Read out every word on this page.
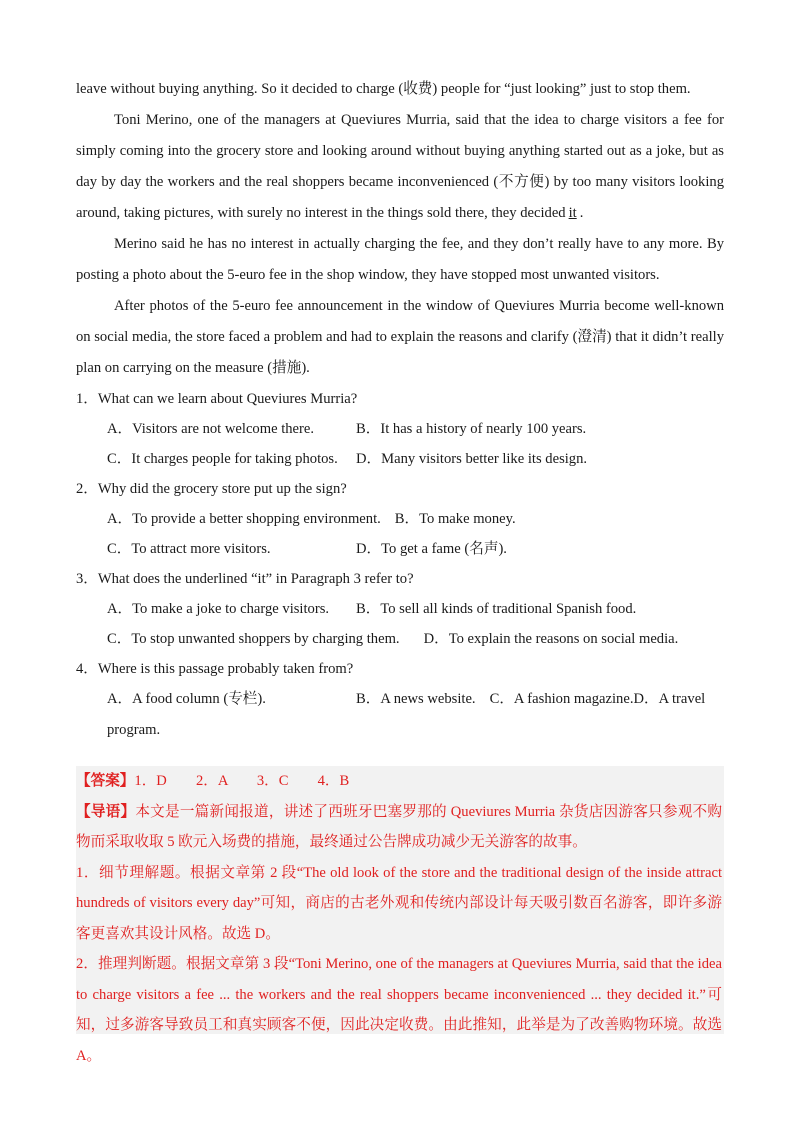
leave without buying anything. So it decided to charge (收费) people for “just looking” just to stop them.

Toni Merino, one of the managers at Queviures Murria, said that the idea to charge visitors a fee for simply coming into the grocery store and looking around without buying anything started out as a joke, but as day by day the workers and the real shoppers became inconvenienced (不方便) by too many visitors looking around, taking pictures, with surely no interest in the things sold there, they decided it .

Merino said he has no interest in actually charging the fee, and they don’t really have to any more. By posting a photo about the 5-euro fee in the shop window, they have stopped most unwanted visitors.

After photos of the 5-euro fee announcement in the window of Queviures Murria become well-known on social media, the store faced a problem and had to explain the reasons and clarify (澄清) that it didn’t really plan on carrying on the measure (措施).

1．What can we learn about Queviures Murria?

A．Visitors are not welcome there.	B．It has a history of nearly 100 years.
C．It charges people for taking photos. D．Many visitors better like its design.

2．Why did the grocery store put up the sign?

A．To provide a better shopping environment. B．To make money.
C．To attract more visitors.	D．To get a fame (名声).

3．What does the underlined “it” in Paragraph 3 refer to?

A．To make a joke to charge visitors. B．To sell all kinds of traditional Spanish food.
C．To stop unwanted shoppers by charging them. D．To explain the reasons on social media.

4．Where is this passage probably taken from?

A．A food column (专栏).	B．A news website. C．A fashion magazine.D．A travel program.

【答案】1．D　　2．A　　3．C　　4．B

【导语】本文是一篇新闻报道，讲述了西班牙巴塞罗那的 Queviures Murria 杂货店因游客只参观不购物而采取收取 5 欧元入场费的措施，最终通过公告牌成功减少无关游客的故事。

1．细节理解题。根据文章第 2 段“The old look of the store and the traditional design of the inside attract hundreds of visitors every day”可知，商店的古老外观和传统内部设计每天吸引数百名游客，即许多游客更喜欢其设计风格。故选 D。

2．推理判断题。根据文章第 3 段“Toni Merino, one of the managers at Queviures Murria, said that the idea to charge visitors a fee ... the workers and the real shoppers became inconvenienced ... they decided it.”可知，过多游客导致员工和真实顾客不便，因此决定收费。由此推知，此举是为了改善购物环境。故选 A。
